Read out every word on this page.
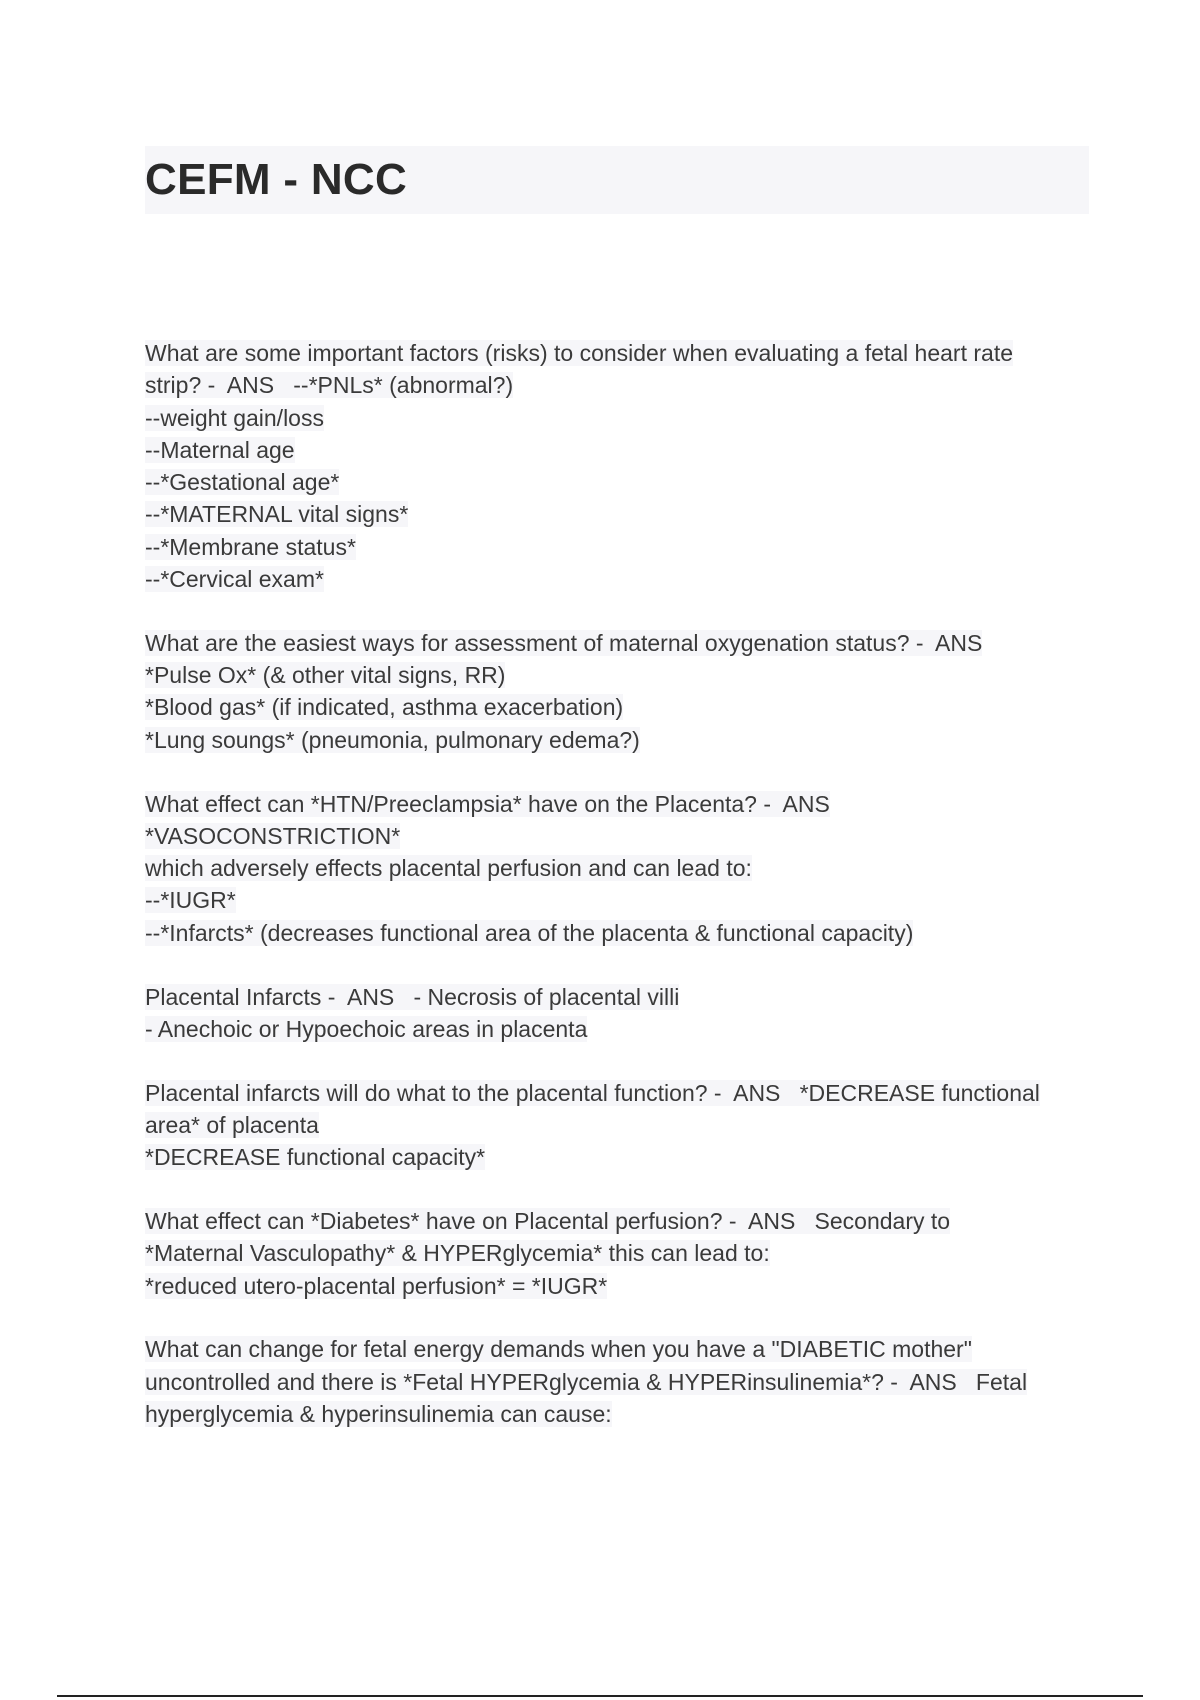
CEFM - NCC
What are some important factors (risks) to consider when evaluating a fetal heart rate
strip? -  ANS   --*PNLs* (abnormal?)
--weight gain/loss
--Maternal age
--*Gestational age*
--*MATERNAL vital signs*
--*Membrane status*
--*Cervical exam*
What are the easiest ways for assessment of maternal oxygenation status? -  ANS
*Pulse Ox* (& other vital signs, RR)
*Blood gas* (if indicated, asthma exacerbation)
*Lung soungs* (pneumonia, pulmonary edema?)
What effect can *HTN/Preeclampsia* have on the Placenta? -  ANS
*VASOCONSTRICTION*
which adversely effects placental perfusion and can lead to:
--*IUGR*
--*Infarcts* (decreases functional area of the placenta & functional capacity)
Placental Infarcts -  ANS   - Necrosis of placental villi
- Anechoic or Hypoechoic areas in placenta
Placental infarcts will do what to the placental function? -  ANS   *DECREASE functional
area* of placenta
*DECREASE functional capacity*
What effect can *Diabetes* have on Placental perfusion? -  ANS   Secondary to
*Maternal Vasculopathy* & HYPERglycemia* this can lead to:
*reduced utero-placental perfusion* = *IUGR*
What can change for fetal energy demands when you have a "DIABETIC mother"
uncontrolled and there is *Fetal HYPERglycemia & HYPERinsulinemia*? -  ANS   Fetal
hyperglycemia & hyperinsulinemia can cause:
